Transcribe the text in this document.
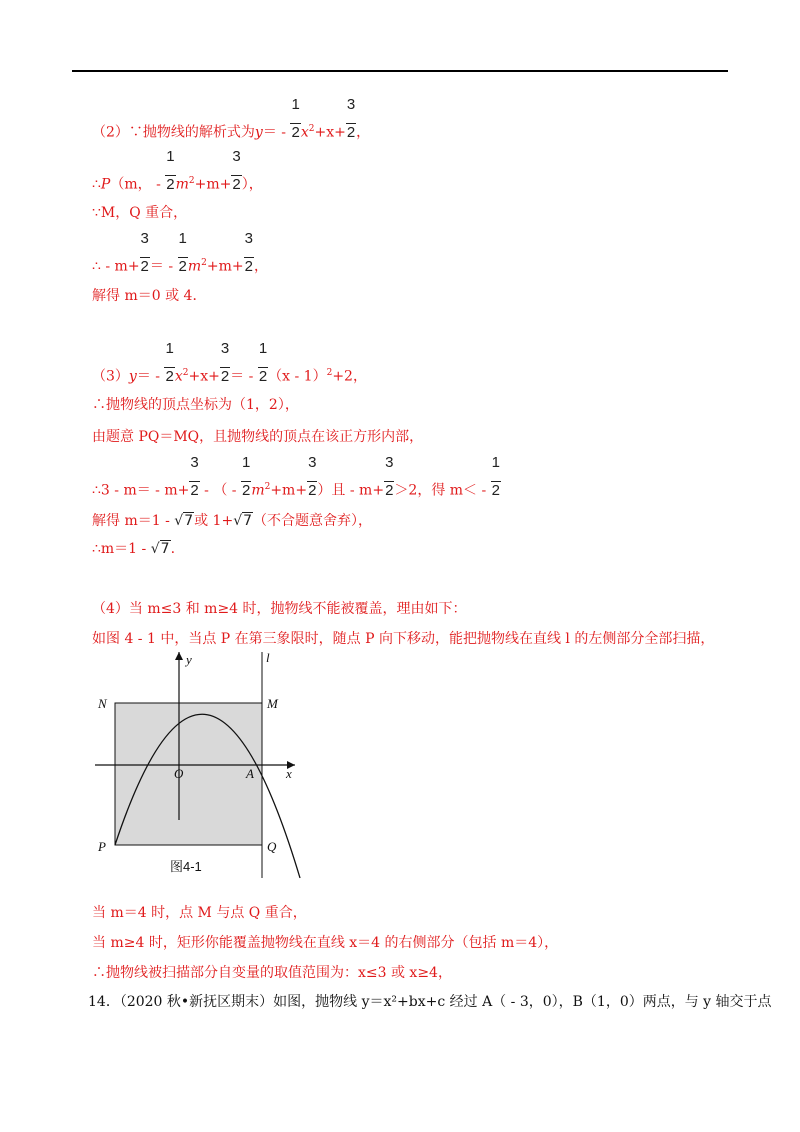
（2）∵抛物线的解析式为$y= - \frac{1}{2}x^2+x+ \frac{3}{2}$，
∴P（m， - $\frac{1}{2}m^2+m+ \frac{3}{2}$），
∵M，Q 重合，
∴ - $m+ \frac{3}{2}= - \frac{1}{2}m^2+m+ \frac{3}{2}$，
解得 m＝0 或 4．
$(3)y= - \frac{1}{2}x^2+x+ \frac{3}{2}= - \frac{1}{2}(x - 1)^2+2$，
∴抛物线的顶点坐标为（1，2），
由题意 PQ＝MQ，且抛物线的顶点在该正方形内部，
∴3 - $m= - m+ \frac{3}{2}$ - （ - $\frac{1}{2}m^2+m+ \frac{3}{2}$）且 - $m+ \frac{3}{2}>2$，得 $m< - \frac{1}{2}$
解得 m＝1 - √7或 1+√7（不合题意舍弃），
∴m＝1 - √7.
（4）当 m≤3 和 m≥4 时，抛物线不能被覆盖，理由如下：
如图 4 - 1 中，当点 P 在第三象限时，随点 P 向下移动，能把抛物线在直线 l 的左侧部分全部扫描，
y	l
N	M
O	A x
P	Q
图4-1
当 m＝4 时，点 M 与点 Q 重合，
当 m≥4 时，矩形你能覆盖抛物线在直线 x＝4 的右侧部分（包括 m＝4），
∴抛物线被扫描部分自变量的取值范围为：x≤3 或 x≥4，
14．（2020 秋•新抚区期末）如图，抛物线 y＝x²+bx+c 经过 A（ - 3，0），B（1，0）两点，与 y 轴交于点
